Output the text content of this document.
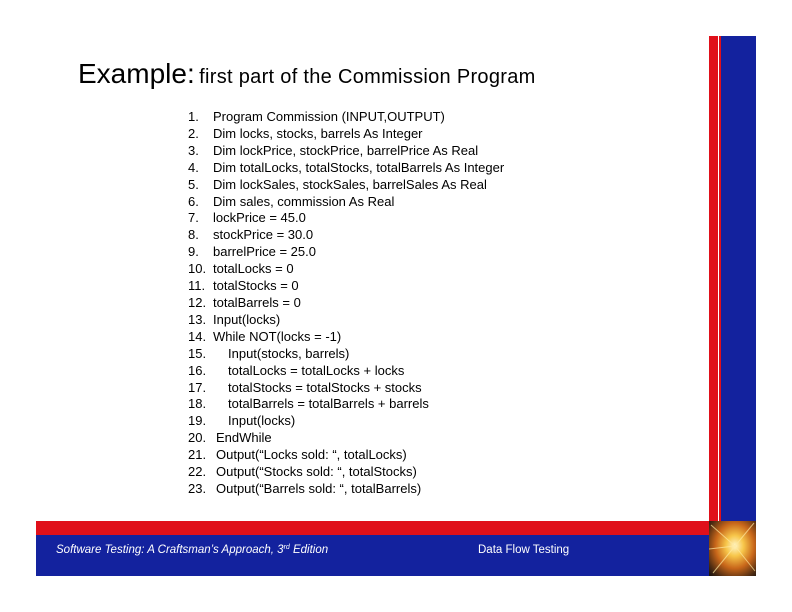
Example: first part of the Commission Program
1.	Program Commission (INPUT,OUTPUT)
2.	Dim locks, stocks, barrels As Integer
3.	Dim lockPrice, stockPrice, barrelPrice As Real
4.	Dim totalLocks, totalStocks, totalBarrels As Integer
5.	Dim lockSales, stockSales, barrelSales As Real
6.	Dim sales, commission As Real
7.	lockPrice = 45.0
8.	stockPrice = 30.0
9.	barrelPrice = 25.0
10. totalLocks = 0
11. totalStocks = 0
12. totalBarrels = 0
13. Input(locks)
14. While NOT(locks = -1)
15.	Input(stocks, barrels)
16.	totalLocks = totalLocks + locks
17.	totalStocks = totalStocks + stocks
18.	totalBarrels = totalBarrels + barrels
19.	Input(locks)
20. EndWhile
21. Output(“Locks sold: “, totalLocks)
22. Output(“Stocks sold: “, totalStocks)
23. Output(“Barrels sold: “, totalBarrels)
Software Testing: A Craftsman’s Approach, 3rd Edition	Data Flow Testing
